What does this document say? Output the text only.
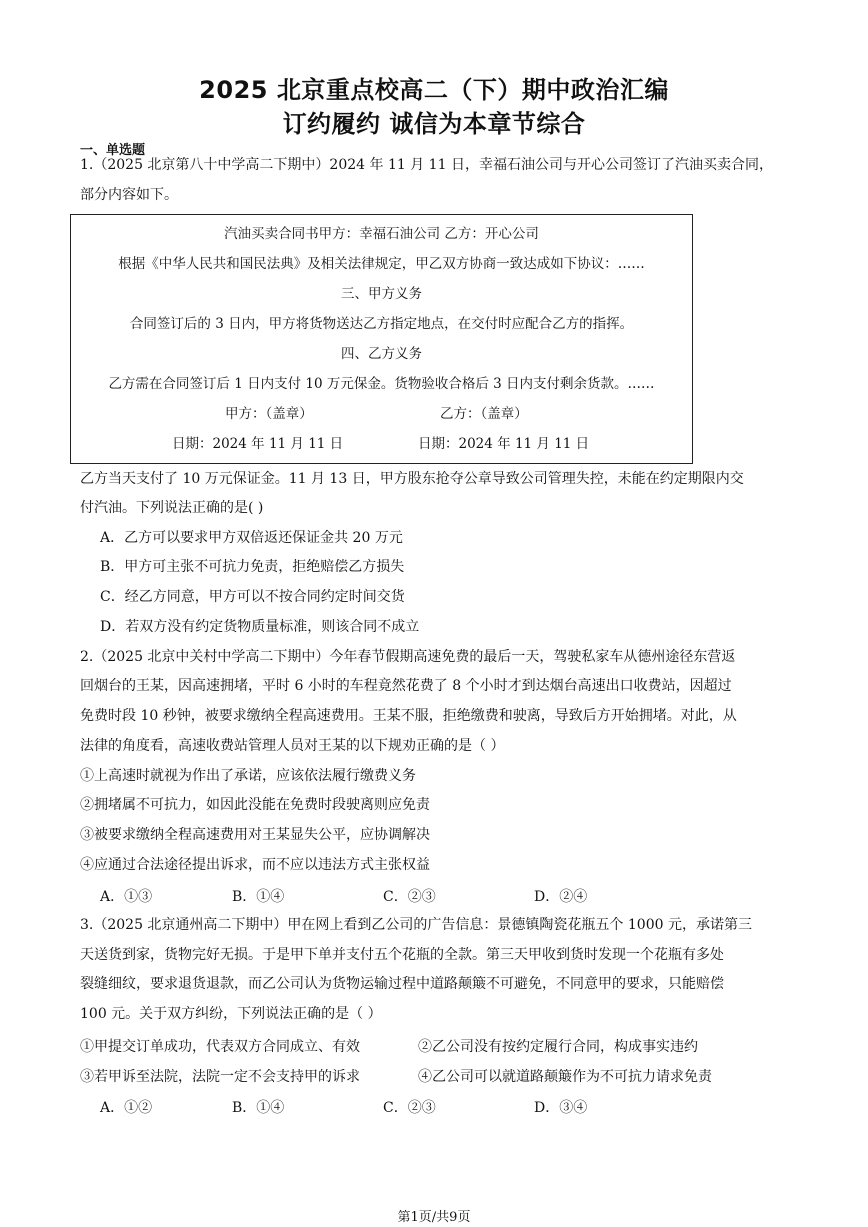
2025 北京重点校高二（下）期中政治汇编
订约履约 诚信为本章节综合
一、单选题
1.（2025 北京第八十中学高二下期中）2024 年 11 月 11 日，幸福石油公司与开心公司签订了汽油买卖合同，
部分内容如下。
汽油买卖合同书甲方：幸福石油公司 乙方：开心公司
根据《中华人民共和国民法典》及相关法律规定，甲乙双方协商一致达成如下协议：……
三、甲方义务
合同签订后的 3 日内，甲方将货物送达乙方指定地点，在交付时应配合乙方的指挥。
四、乙方义务
乙方需在合同签订后 1 日内支付 10 万元保金。货物验收合格后 3 日内支付剩余货款。……
甲方：（盖章）	乙方：（盖章）
日期：2024 年 11 月 11 日	日期：2024 年 11 月 11 日
乙方当天支付了 10 万元保证金。11 月 13 日，甲方股东抢夺公章导致公司管理失控，未能在约定期限内交
付汽油。下列说法正确的是( )
A．乙方可以要求甲方双倍返还保证金共 20 万元
B．甲方可主张不可抗力免责，拒绝赔偿乙方损失
C．经乙方同意，甲方可以不按合同约定时间交货
D．若双方没有约定货物质量标准，则该合同不成立
2.（2025 北京中关村中学高二下期中）今年春节假期高速免费的最后一天，驾驶私家车从德州途径东营返
回烟台的王某，因高速拥堵，平时 6 小时的车程竟然花费了 8 个小时才到达烟台高速出口收费站，因超过
免费时段 10 秒钟，被要求缴纳全程高速费用。王某不服，拒绝缴费和驶离，导致后方开始拥堵。对此，从
法律的角度看，高速收费站管理人员对王某的以下规劝正确的是（ ）
①上高速时就视为作出了承诺，应该依法履行缴费义务
②拥堵属不可抗力，如因此没能在免费时段驶离则应免责
③被要求缴纳全程高速费用对王某显失公平，应协调解决
④应通过合法途径提出诉求，而不应以违法方式主张权益
A．①③	B．①④	C．②③	D．②④
3.（2025 北京通州高二下期中）甲在网上看到乙公司的广告信息：景德镇陶瓷花瓶五个 1000 元，承诺第三
天送货到家，货物完好无损。于是甲下单并支付五个花瓶的全款。第三天甲收到货时发现一个花瓶有多处
裂缝细纹，要求退货退款，而乙公司认为货物运输过程中道路颠簸不可避免，不同意甲的要求，只能赔偿
100 元。关于双方纠纷，下列说法正确的是（ ）
①甲提交订单成功，代表双方合同成立、有效	②乙公司没有按约定履行合同，构成事实违约
③若甲诉至法院，法院一定不会支持甲的诉求	④乙公司可以就道路颠簸作为不可抗力请求免责
A．①②	B．①④	C．②③	D．③④
第1页/共9页
